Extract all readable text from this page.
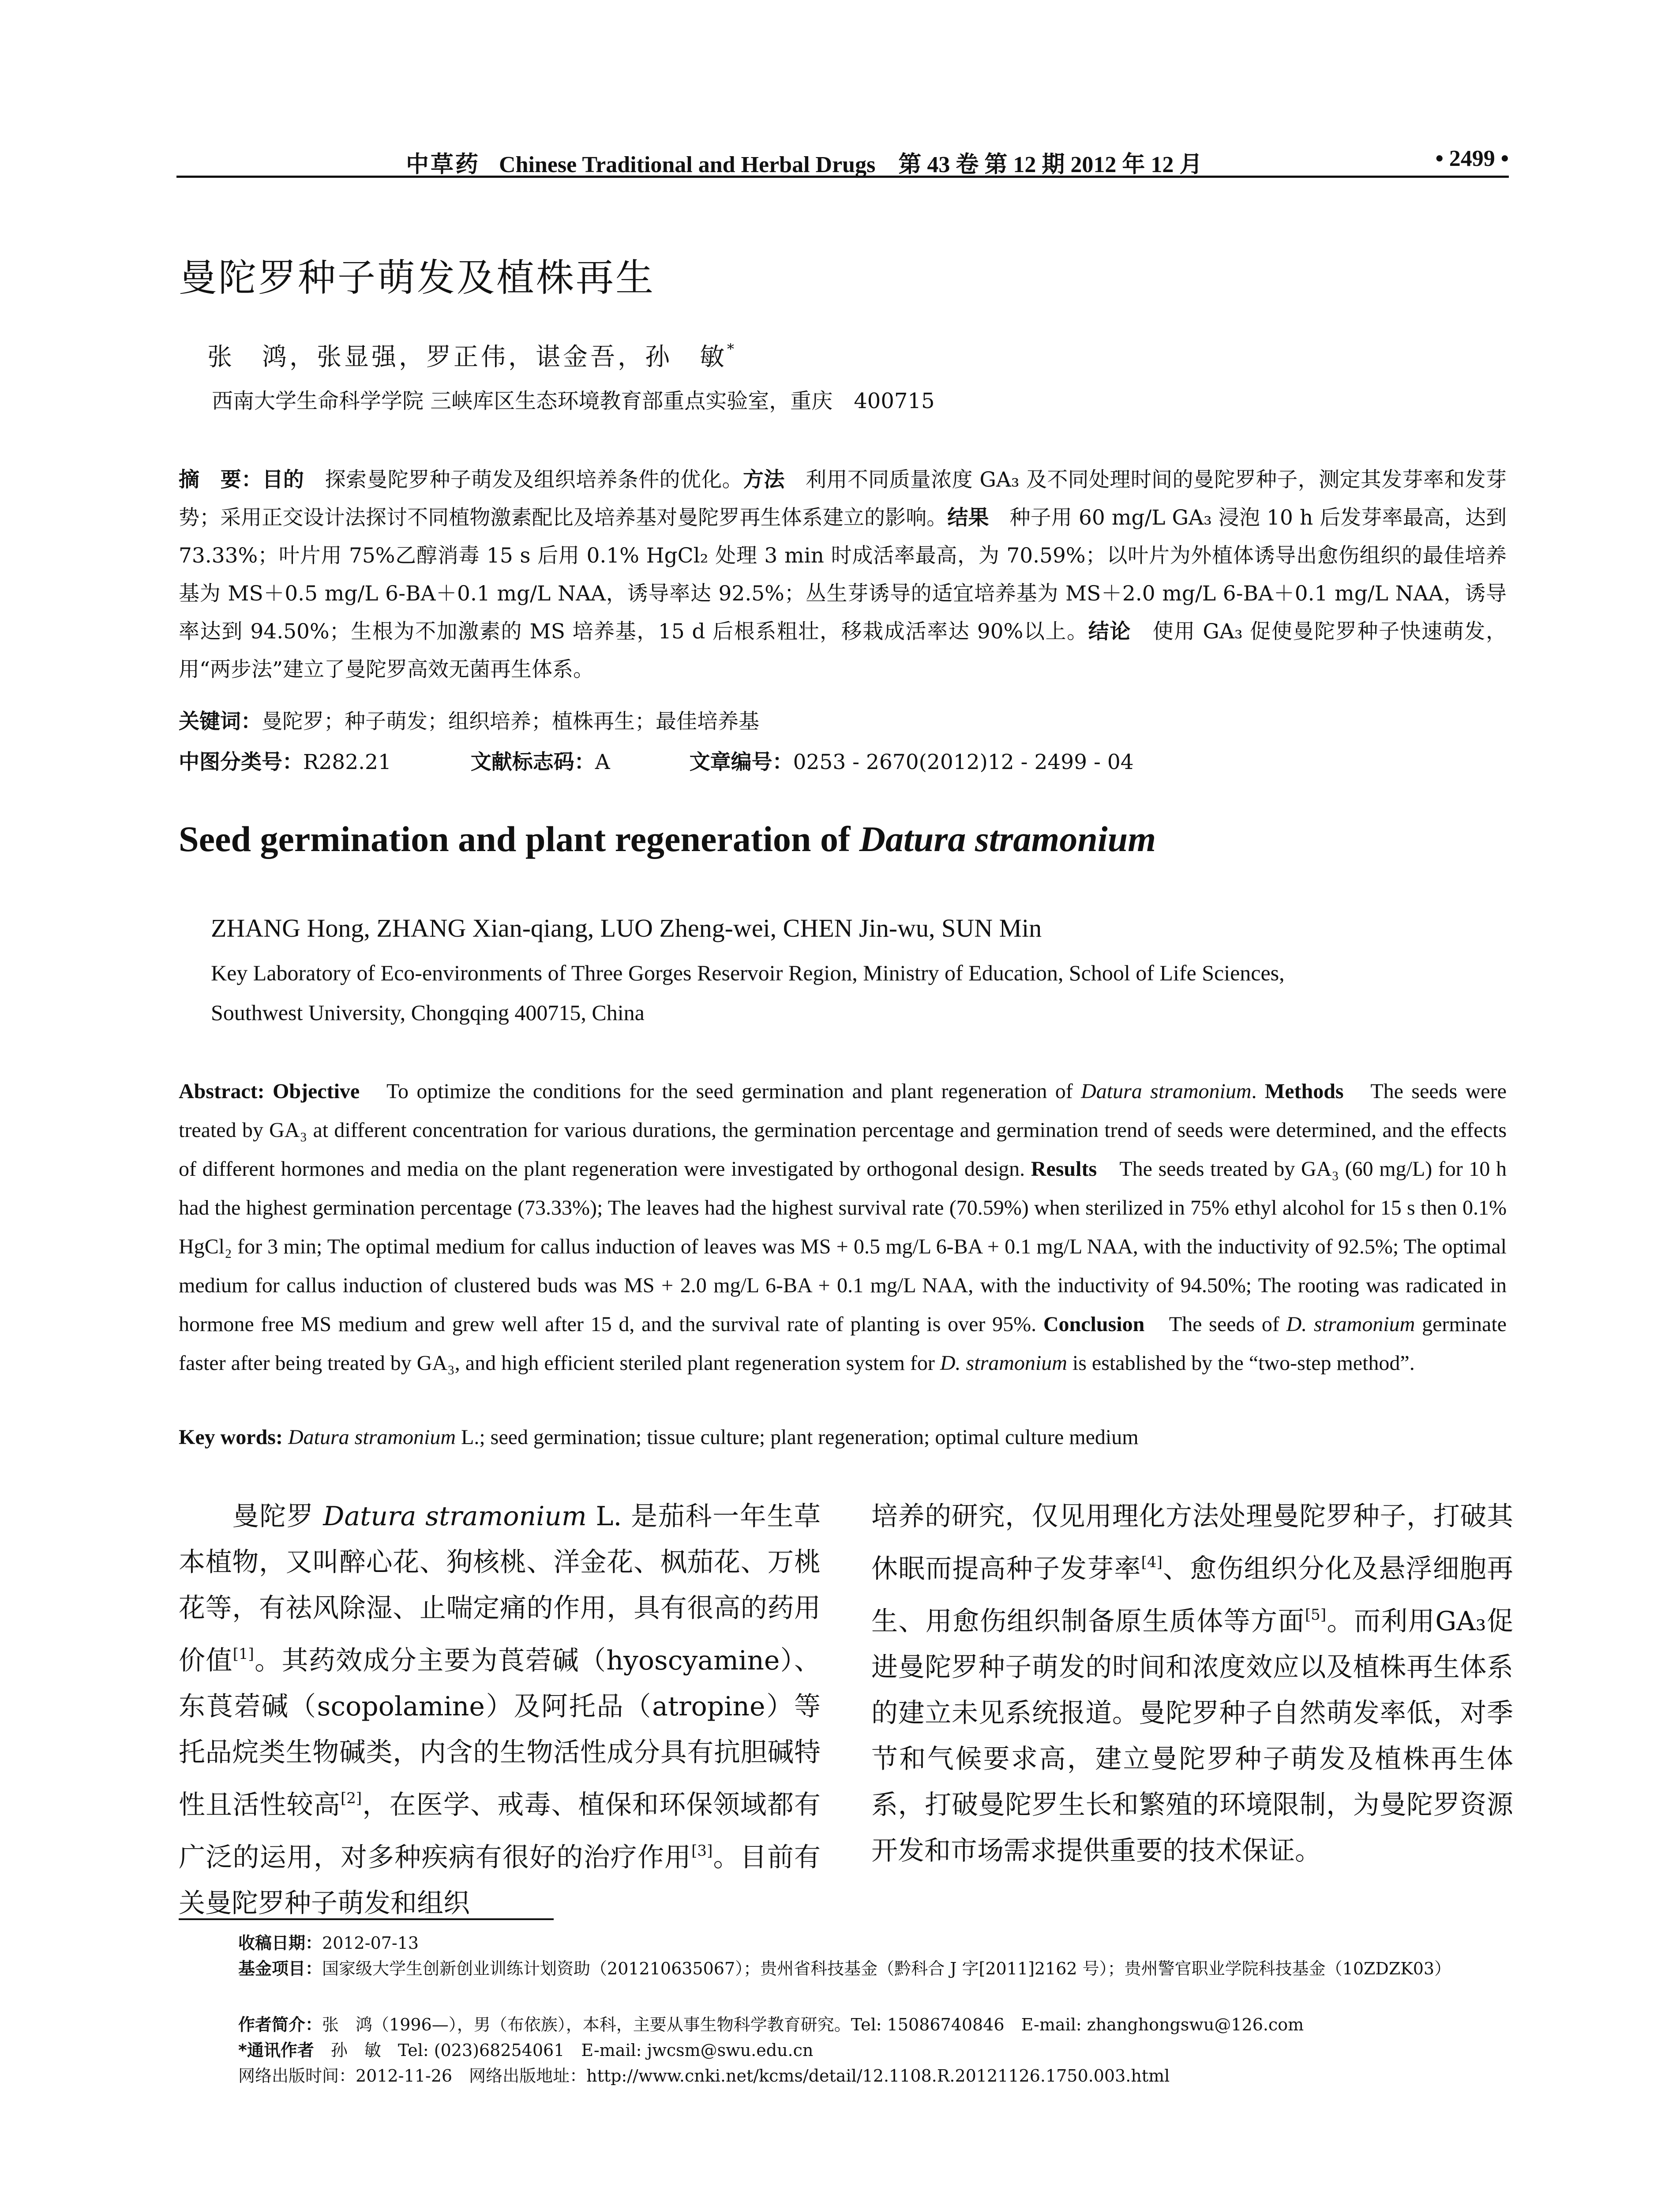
中草药 Chinese Traditional and Herbal Drugs 第 43 卷 第 12 期 2012 年 12 月	• 2499 •
曼陀罗种子萌发及植株再生
张　鸿，张显强，罗正伟，谌金吾，孙　敏*
西南大学生命科学学院 三峡库区生态环境教育部重点实验室，重庆　400715
摘　要：目的　探索曼陀罗种子萌发及组织培养条件的优化。方法　利用不同质量浓度 GA₃ 及不同处理时间的曼陀罗种子，测定其发芽率和发芽势；采用正交设计法探讨不同植物激素配比及培养基对曼陀罗再生体系建立的影响。结果　种子用 60 mg/L GA₃ 浸泡 10 h 后发芽率最高，达到 73.33%；叶片用 75%乙醇消毒 15 s 后用 0.1% HgCl₂ 处理 3 min 时成活率最高，为 70.59%；以叶片为外植体诱导出愈伤组织的最佳培养基为 MS＋0.5 mg/L 6-BA＋0.1 mg/L NAA，诱导率达 92.5%；丛生芽诱导的适宜培养基为 MS＋2.0 mg/L 6-BA＋0.1 mg/L NAA，诱导率达到 94.50%；生根为不加激素的 MS 培养基，15 d 后根系粗壮，移栽成活率达 90%以上。结论　使用 GA₃ 促使曼陀罗种子快速萌发，用“两步法”建立了曼陀罗高效无菌再生体系。
关键词：曼陀罗；种子萌发；组织培养；植株再生；最佳培养基
中图分类号：R282.21	文献标志码：A	文章编号：0253 - 2670(2012)12 - 2499 - 04
Seed germination and plant regeneration of Datura stramonium
ZHANG Hong, ZHANG Xian-qiang, LUO Zheng-wei, CHEN Jin-wu, SUN Min
Key Laboratory of Eco-environments of Three Gorges Reservoir Region, Ministry of Education, School of Life Sciences,
Southwest University, Chongqing 400715, China
Abstract: Objective　To optimize the conditions for the seed germination and plant regeneration of Datura stramonium. Methods　The seeds were treated by GA₃ at different concentration for various durations, the germination percentage and germination trend of seeds were determined, and the effects of different hormones and media on the plant regeneration were investigated by orthogonal design. Results　The seeds treated by GA₃ (60 mg/L) for 10 h had the highest germination percentage (73.33%); The leaves had the highest survival rate (70.59%) when sterilized in 75% ethyl alcohol for 15 s then 0.1% HgCl₂ for 3 min; The optimal medium for callus induction of leaves was MS + 0.5 mg/L 6-BA + 0.1 mg/L NAA, with the inductivity of 92.5%; The optimal medium for callus induction of clustered buds was MS + 2.0 mg/L 6-BA + 0.1 mg/L NAA, with the inductivity of 94.50%; The rooting was radicated in hormone free MS medium and grew well after 15 d, and the survival rate of planting is over 95%. Conclusion　The seeds of D. stramonium germinate faster after being treated by GA₃, and high efficient steriled plant regeneration system for D. stramonium is established by the “two-step method”.
Key words: Datura stramonium L.; seed germination; tissue culture; plant regeneration; optimal culture medium
曼陀罗 Datura stramonium L. 是茄科一年生草本植物，又叫醉心花、狗核桃、洋金花、枫茄花、万桃花等，有祛风除湿、止喘定痛的作用，具有很高的药用价值[1]。其药效成分主要为莨菪碱（hyoscyamine）、东莨菪碱（scopolamine）及阿托品（atropine）等托品烷类生物碱类，内含的生物活性成分具有抗胆碱特性且活性较高[2]，在医学、戒毒、植保和环保领域都有广泛的运用，对多种疾病有很好的治疗作用[3]。目前有关曼陀罗种子萌发和组织
培养的研究，仅见用理化方法处理曼陀罗种子，打破其休眠而提高种子发芽率[4]、愈伤组织分化及悬浮细胞再生、用愈伤组织制备原生质体等方面[5]。而利用GA₃促进曼陀罗种子萌发的时间和浓度效应以及植株再生体系的建立未见系统报道。曼陀罗种子自然萌发率低，对季节和气候要求高，建立曼陀罗种子萌发及植株再生体系，打破曼陀罗生长和繁殖的环境限制，为曼陀罗资源开发和市场需求提供重要的技术保证。
收稿日期：2012-07-13
基金项目：国家级大学生创新创业训练计划资助（201210635067）；贵州省科技基金（黔科合 J 字[2011]2162 号）；贵州警官职业学院科技基金（10ZDZK03）
作者简介：张　鸿（1996—），男（布依族），本科，主要从事生物科学教育研究。Tel: 15086740846　E-mail: zhanghongswu@126.com
*通讯作者　孙　敏　Tel: (023)68254061　E-mail: jwcsm@swu.edu.cn
网络出版时间：2012-11-26　网络出版地址：http://www.cnki.net/kcms/detail/12.1108.R.20121126.1750.003.html
